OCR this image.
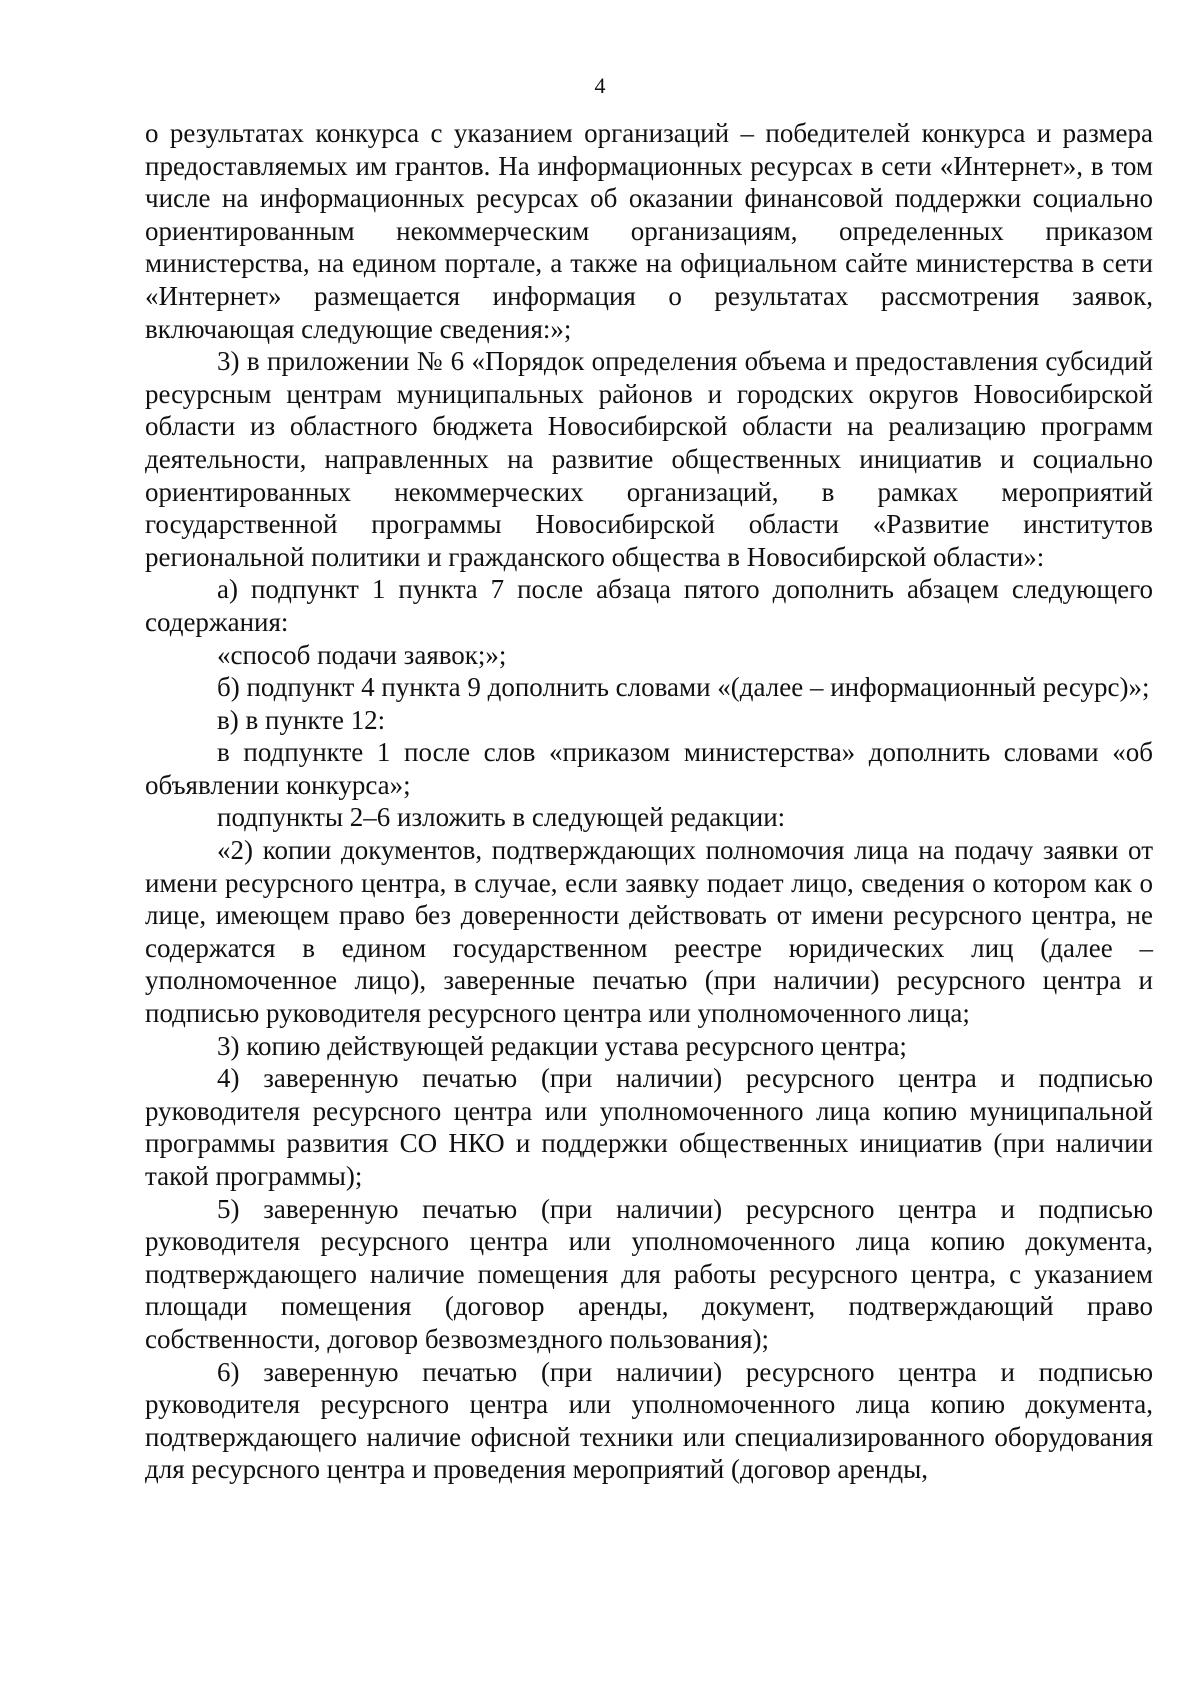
4

о результатах конкурса с указанием организаций – победителей конкурса и размера предоставляемых им грантов. На информационных ресурсах в сети «Интернет», в том числе на информационных ресурсах об оказании финансовой поддержки социально ориентированным некоммерческим организациям, определенных приказом министерства, на едином портале, а также на официальном сайте министерства в сети «Интернет» размещается информация о результатах рассмотрения заявок, включающая следующие сведения:»;

3) в приложении № 6 «Порядок определения объема и предоставления субсидий ресурсным центрам муниципальных районов и городских округов Новосибирской области из областного бюджета Новосибирской области на реализацию программ деятельности, направленных на развитие общественных инициатив и социально ориентированных некоммерческих организаций, в рамках мероприятий государственной программы Новосибирской области «Развитие институтов региональной политики и гражданского общества в Новосибирской области»:

а) подпункт 1 пункта 7 после абзаца пятого дополнить абзацем следующего содержания:

«способ подачи заявок;»;

б) подпункт 4 пункта 9 дополнить словами «(далее – информационный ресурс)»;

в) в пункте 12:

в подпункте 1 после слов «приказом министерства» дополнить словами «об объявлении конкурса»;

подпункты 2–6 изложить в следующей редакции:

«2) копии документов, подтверждающих полномочия лица на подачу заявки от имени ресурсного центра, в случае, если заявку подает лицо, сведения о котором как о лице, имеющем право без доверенности действовать от имени ресурсного центра, не содержатся в едином государственном реестре юридических лиц (далее – уполномоченное лицо), заверенные печатью (при наличии) ресурсного центра и подписью руководителя ресурсного центра или уполномоченного лица;

3) копию действующей редакции устава ресурсного центра;

4) заверенную печатью (при наличии) ресурсного центра и подписью руководителя ресурсного центра или уполномоченного лица копию муниципальной программы развития СО НКО и поддержки общественных инициатив (при наличии такой программы);

5) заверенную печатью (при наличии) ресурсного центра и подписью руководителя ресурсного центра или уполномоченного лица копию документа, подтверждающего наличие помещения для работы ресурсного центра, с указанием площади помещения (договор аренды, документ, подтверждающий право собственности, договор безвозмездного пользования);

6) заверенную печатью (при наличии) ресурсного центра и подписью руководителя ресурсного центра или уполномоченного лица копию документа, подтверждающего наличие офисной техники или специализированного оборудования для ресурсного центра и проведения мероприятий (договор аренды,
